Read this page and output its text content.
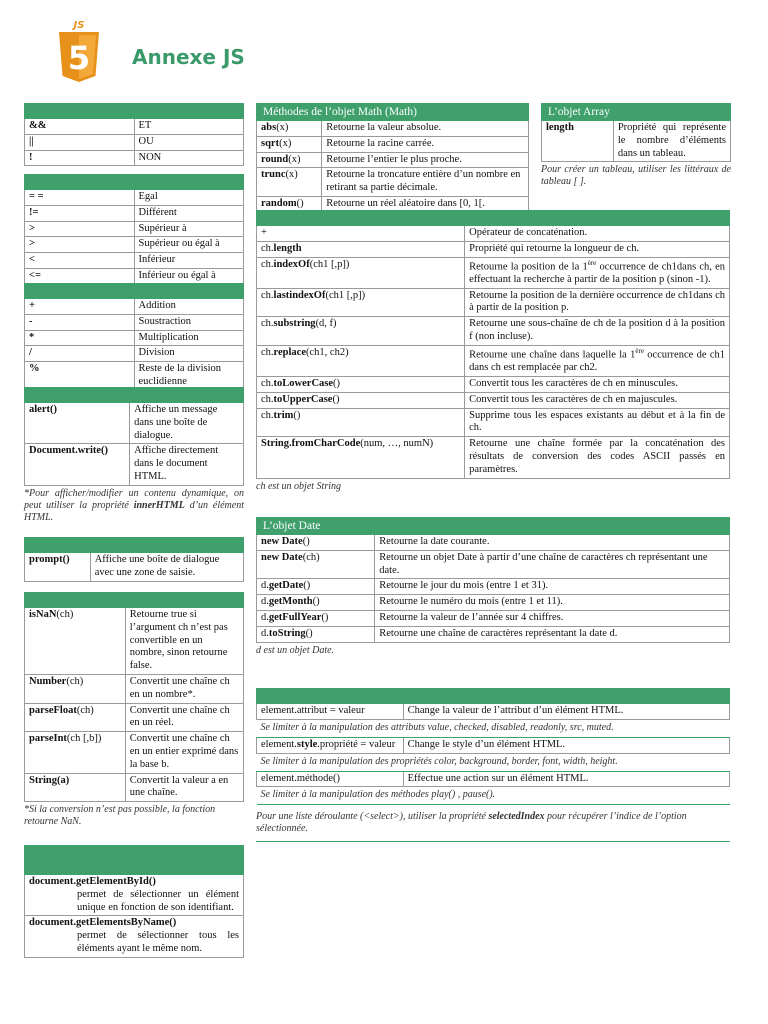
JS
5 Annexe JS

&&	ET
||	OU
!	NON

= =	Egal
!=	Différent
>	Supérieur à
>	Supérieur ou égal à
<	Inférieur
<=	Inférieur ou égal à

+	Addition
-	Soustraction
*	Multiplication
/	Division
%	Reste de la division euclidienne

alert()	Affiche un message dans une boîte de dialogue.
Document.write()	Affiche directement dans le document HTML.
*Pour afficher/modifier un contenu dynamique, on peut utiliser la propriété innerHTML d’un élément HTML.

prompt()	Affiche une boîte de dialogue avec une zone de saisie.

isNaN(ch)	Retourne true si l’argument ch n’est pas convertible en un nombre, sinon retourne false.
Number(ch)	Convertit une chaîne ch en un nombre*.
parseFloat(ch)	Convertit une chaîne ch en un réel.
parseInt(ch [,b])	Convertit une chaîne ch en un entier exprimé dans la base b.
String(a)	Convertit la valeur a en une chaîne.
*Si la conversion n’est pas possible, la fonction retourne NaN.

document.getElementById()
permet de sélectionner un élément unique en fonction de son identifiant.

document.getElementsByName()
permet de sélectionner tous les éléments ayant le même nom.
Méthodes de l’objet Math (Math)	
abs(x)	Retourne la valeur absolue.
sqrt(x)	Retourne la racine carrée.
round(x)	Retourne l’entier le plus proche.
trunc(x)	Retourne la troncature entière d’un nombre en retirant sa partie décimale.
random()	Retourne un réel aléatoire dans [0, 1[.
L’objet Array
length	Propriété qui représente le nombre d’éléments dans un tableau.
Pour créer un tableau, utiliser les littéraux de tableau [ ].

+	Opérateur de concaténation.
ch.length	Propriété qui retourne la longueur de ch.
ch.indexOf(ch1 [,p])	Retourne la position de la 1ère occurrence de ch1dans ch, en effectuant la recherche à partir de la position p (sinon -1).
ch.lastindexOf(ch1 [,p])	Retourne la position de la dernière occurrence de ch1dans ch à partir de la position p.
ch.substring(d, f)	Retourne une sous-chaîne de ch de la position d à la position f (non incluse).
ch.replace(ch1, ch2)	Retourne une chaîne dans laquelle la 1ère occurrence de ch1 dans ch est remplacée par ch2.
ch.toLowerCase()	Convertit tous les caractères de ch en minuscules.
ch.toUpperCase()	Convertit tous les caractères de ch en majuscules.
ch.trim()	Supprime tous les espaces existants au début et à la fin de ch.
String.fromCharCode(num, …, numN)	Retourne une chaîne formée par la concaténation des résultats de conversion des codes ASCII passés en paramètres.
ch est un objet String
L’objet Date	
new Date()	Retourne la date courante.
new Date(ch)	Retourne un objet Date à partir d’une chaîne de caractères ch représentant une date.
d.getDate()	Retourne le jour du mois (entre 1 et 31).
d.getMonth()	Retourne le numéro du mois (entre 1 et 11).
d.getFullYear()	Retourne la valeur de l’année sur 4 chiffres.
d.toString()	Retourne une chaîne de caractères représentant la date d.
d est un objet Date.

element.attribut = valeur	Change la valeur de l’attribut d’un élément HTML.
Se limiter à la manipulation des attributs value, checked, disabled, readonly, src, muted.	
element.style.propriété = valeur	Change le style d’un élément HTML.
Se limiter à la manipulation des propriétés color, background, border, font, width, height.	
element.méthode()	Effectue une action sur un élément HTML.
Se limiter à la manipulation des méthodes play() , pause().	
Pour une liste déroulante (<select>), utiliser la propriété selectedIndex pour récupérer l’indice de l’option sélectionnée.
